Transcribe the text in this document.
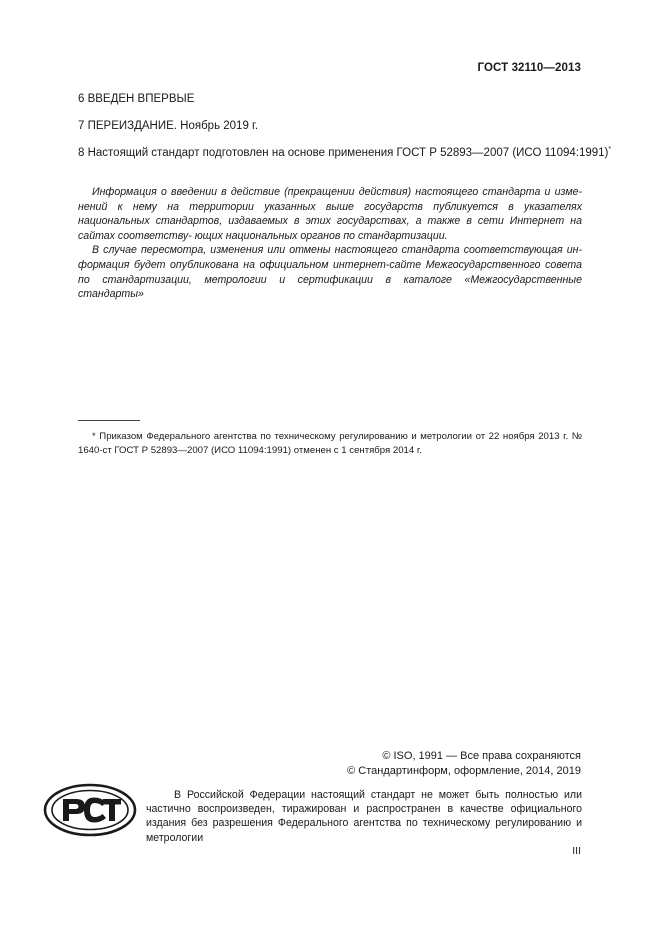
ГОСТ 32110—2013
6 ВВЕДЕН ВПЕРВЫЕ
7 ПЕРЕИЗДАНИЕ. Ноябрь 2019 г.
8 Настоящий стандарт подготовлен на основе применения ГОСТ Р 52893—2007 (ИСО 11094:1991)*

Информация о введении в действие (прекращении действия) настоящего стандарта и изме- нений к нему на территории указанных выше государств публикуется в указателях национальных стандартов, издаваемых в этих государствах, а также в сети Интернет на сайтах соответству- ющих национальных органов по стандартизации.

В случае пересмотра, изменения или отмены настоящего стандарта соответствующая ин- формация будет опубликована на официальном интернет-сайте Межгосударственного совета по стандартизации, метрологии и сертификации в каталоге «Межгосударственные стандарты»

* Приказом Федерального агентства по техническому регулированию и метрологии от 22 ноября 2013 г. № 1640-ст ГОСТ Р 52893—2007 (ИСО 11094:1991) отменен с 1 сентября 2014 г.
© ISO, 1991 — Все права сохраняются
© Стандартинформ, оформление, 2014, 2019
В Российской Федерации настоящий стандарт не может быть полностью или частично воспроизведен, тиражирован и распространен в качестве официального издания без разрешения Федерального агентства по техническому регулированию и метрологии
III
